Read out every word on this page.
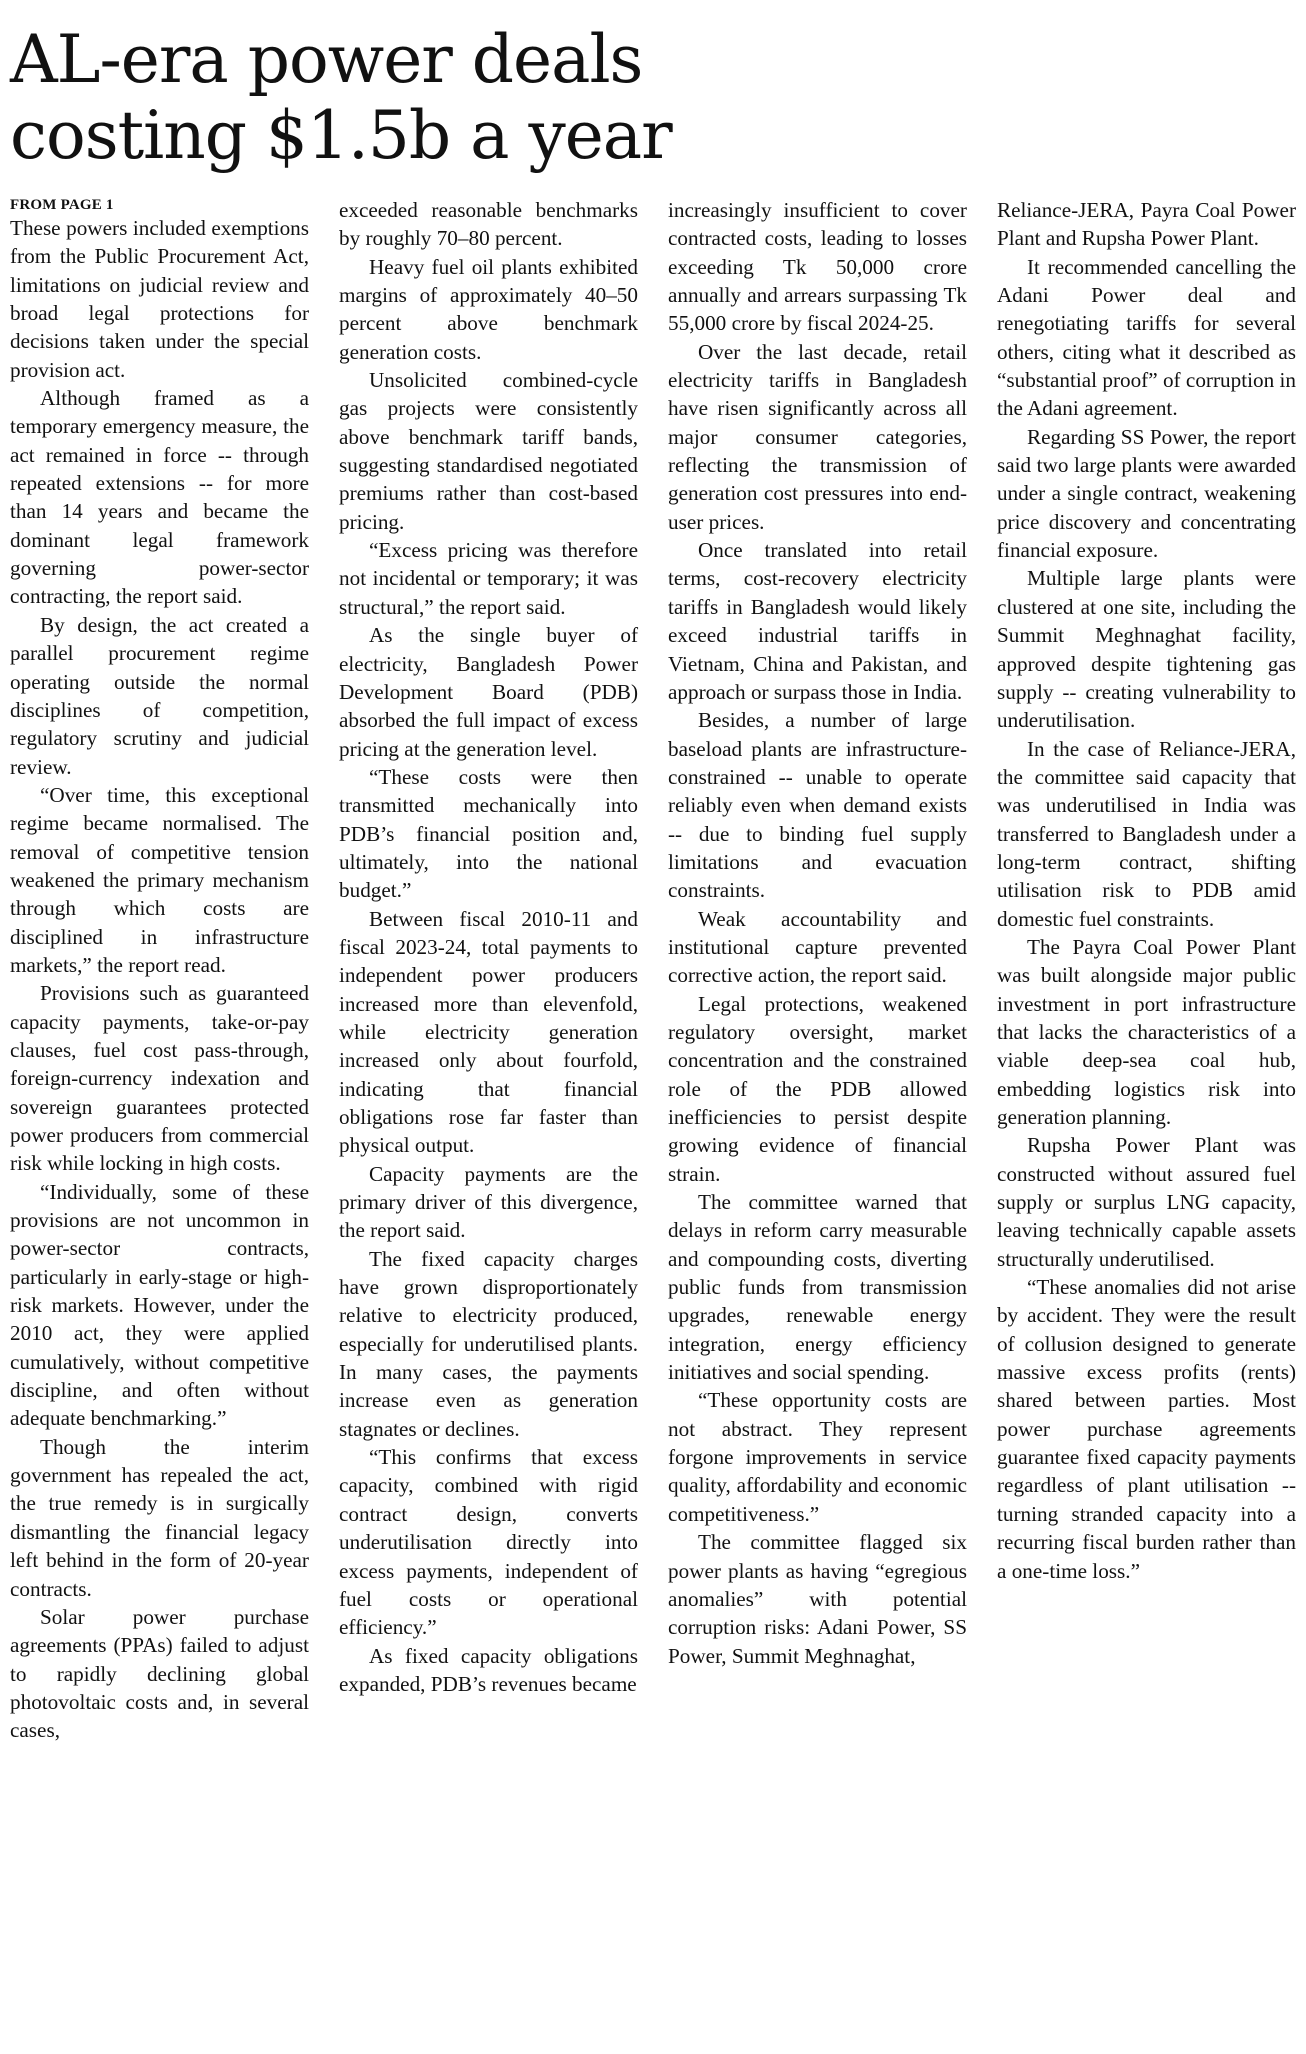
AL-era power deals
costing $1.5b a year
FROM PAGE 1

These powers included exemptions from the Public Procurement Act, limitations on judicial review and broad legal protections for decisions taken under the special provision act.

Although framed as a temporary emergency measure, the act remained in force -- through repeated extensions -- for more than 14 years and became the dominant legal framework governing power-sector contracting, the report said.

By design, the act created a parallel procurement regime operating outside the normal disciplines of competition, regulatory scrutiny and judicial review.

“Over time, this exceptional regime became normalised. The removal of competitive tension weakened the primary mechanism through which costs are disciplined in infrastructure markets,” the report read.

Provisions such as guaranteed capacity payments, take-or-pay clauses, fuel cost pass-through, foreign-currency indexation and sovereign guarantees protected power producers from commercial risk while locking in high costs.

“Individually, some of these provisions are not uncommon in power-sector contracts, particularly in early-stage or high-risk markets. However, under the 2010 act, they were applied cumulatively, without competitive discipline, and often without adequate benchmarking.”

Though the interim government has repealed the act, the true remedy is in surgically dismantling the financial legacy left behind in the form of 20-year contracts.

Solar power purchase agreements (PPAs) failed to adjust to rapidly declining global photovoltaic costs and, in several cases,

exceeded reasonable benchmarks by roughly 70–80 percent.

Heavy fuel oil plants exhibited margins of approximately 40–50 percent above benchmark generation costs.

Unsolicited combined-cycle gas projects were consistently above benchmark tariff bands, suggesting standardised negotiated premiums rather than cost-based pricing.

“Excess pricing was therefore not incidental or temporary; it was structural,” the report said.

As the single buyer of electricity, Bangladesh Power Development Board (PDB) absorbed the full impact of excess pricing at the generation level.

“These costs were then transmitted mechanically into PDB’s financial position and, ultimately, into the national budget.”

Between fiscal 2010-11 and fiscal 2023-24, total payments to independent power producers increased more than elevenfold, while electricity generation increased only about fourfold, indicating that financial obligations rose far faster than physical output.

Capacity payments are the primary driver of this divergence, the report said.

The fixed capacity charges have grown disproportionately relative to electricity produced, especially for underutilised plants. In many cases, the payments increase even as generation stagnates or declines.

“This confirms that excess capacity, combined with rigid contract design, converts underutilisation directly into excess payments, independent of fuel costs or operational efficiency.”

As fixed capacity obligations expanded, PDB’s revenues became

increasingly insufficient to cover contracted costs, leading to losses exceeding Tk 50,000 crore annually and arrears surpassing Tk 55,000 crore by fiscal 2024-25.

Over the last decade, retail electricity tariffs in Bangladesh have risen significantly across all major consumer categories, reflecting the transmission of generation cost pressures into end-user prices.

Once translated into retail terms, cost-recovery electricity tariffs in Bangladesh would likely exceed industrial tariffs in Vietnam, China and Pakistan, and approach or surpass those in India.

Besides, a number of large baseload plants are infrastructure-constrained -- unable to operate reliably even when demand exists -- due to binding fuel supply limitations and evacuation constraints.

Weak accountability and institutional capture prevented corrective action, the report said.

Legal protections, weakened regulatory oversight, market concentration and the constrained role of the PDB allowed inefficiencies to persist despite growing evidence of financial strain.

The committee warned that delays in reform carry measurable and compounding costs, diverting public funds from transmission upgrades, renewable energy integration, energy efficiency initiatives and social spending.

“These opportunity costs are not abstract. They represent forgone improvements in service quality, affordability and economic competitiveness.”

The committee flagged six power plants as having “egregious anomalies” with potential corruption risks: Adani Power, SS Power, Summit Meghnaghat,

Reliance-JERA, Payra Coal Power Plant and Rupsha Power Plant.

It recommended cancelling the Adani Power deal and renegotiating tariffs for several others, citing what it described as “substantial proof” of corruption in the Adani agreement.

Regarding SS Power, the report said two large plants were awarded under a single contract, weakening price discovery and concentrating financial exposure.

Multiple large plants were clustered at one site, including the Summit Meghnaghat facility, approved despite tightening gas supply -- creating vulnerability to underutilisation.

In the case of Reliance-JERA, the committee said capacity that was underutilised in India was transferred to Bangladesh under a long-term contract, shifting utilisation risk to PDB amid domestic fuel constraints.

The Payra Coal Power Plant was built alongside major public investment in port infrastructure that lacks the characteristics of a viable deep-sea coal hub, embedding logistics risk into generation planning.

Rupsha Power Plant was constructed without assured fuel supply or surplus LNG capacity, leaving technically capable assets structurally underutilised.

“These anomalies did not arise by accident. They were the result of collusion designed to generate massive excess profits (rents) shared between parties. Most power purchase agreements guarantee fixed capacity payments regardless of plant utilisation -- turning stranded capacity into a recurring fiscal burden rather than a one-time loss.”
